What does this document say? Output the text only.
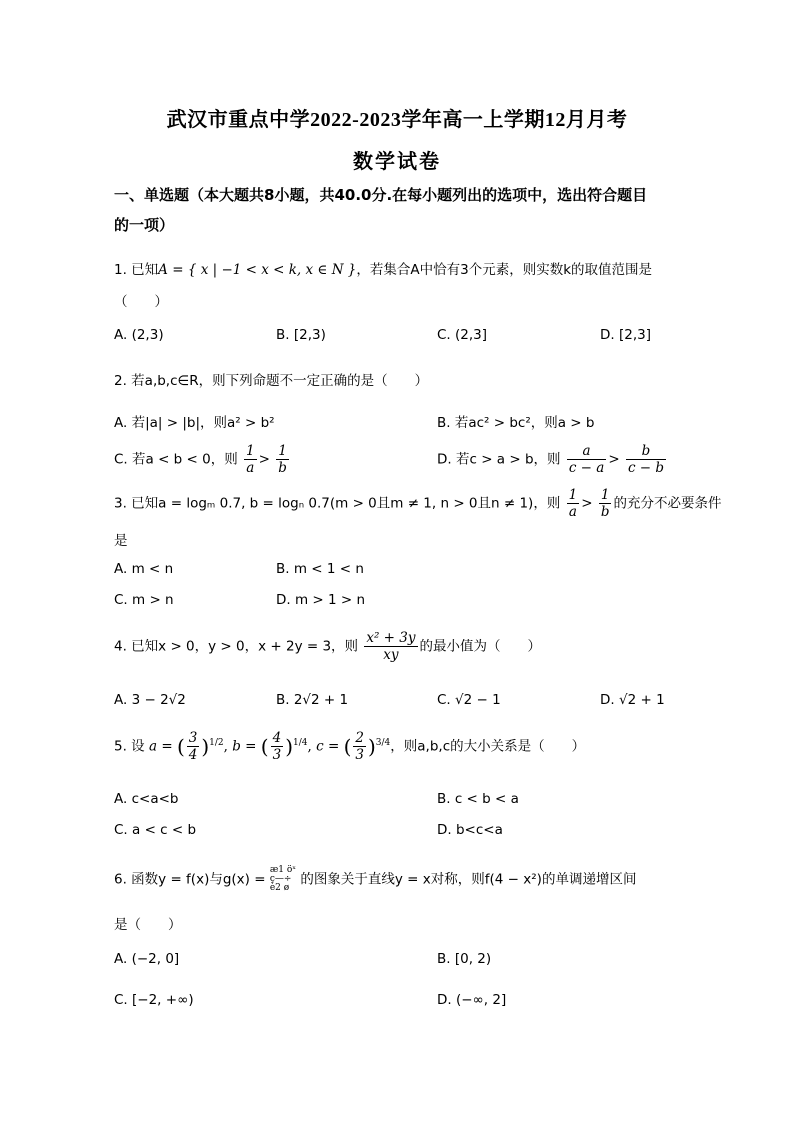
武汉市重点中学2022-2023学年高一上学期12月月考
数学试卷
一、单选题（本大题共8小题，共40.0分.在每小题列出的选项中，选出符合题目
的一项）
1. 已知A = { x | −1 < x < k, x ∈ N }，若集合A中恰有3个元素，则实数k的取值范围是
（　　）
A. (2,3)	B. [2,3)	C. (2,3]	D. [2,3]
2. 若a,b,c∈R，则下列命题不一定正确的是（　　）
A. 若|a| > |b|，则a² > b²	B. 若ac² > bc²，则a > b
C. 若a < b < 0，则 $\frac{1}{a} > \frac{1}{b}$	D. 若c > a > b，则 $\frac{a}{c - a} > \frac{b}{c - b}$
3. 已知a = logₘ 0.7, b = logₙ 0.7(m > 0且m ≠ 1, n > 0且n ≠ 1)，则 $\frac{1}{a} > \frac{1}{b}$ 的充分不必要条件
是
A. m < n	B. m < 1 < n
C. m > n	D. m > 1 > n
4. 已知x > 0，y > 0，x + 2y = 3，则 $\frac{\text{x² + 3y}}{xy}$ 的最小值为（　　）
A. 3 − 2√2	B. 2√2 + 1	C. √2 − 1	D. √2 + 1
5. 设 a = ( $\frac{3}{4} )^{1/2}$, b = ( $\frac{4}{3} )^{1/4}$, c = ( $\frac{2}{3} )^{3/4}$，则a,b,c的大小关系是（　　）
A. c<a<b	B. c < b < a
C. a < c < b	D. b<c<a
6. 函数y = f(x)与g(x) = æ1 öˣ
ç—÷
è2 ø 的图象关于直线y = x对称，则f(4 − x²)的单调递增区间
是（　　）
A. (−2, 0]	B. [0, 2)
C. [−2, +∞)	D. (−∞, 2]
